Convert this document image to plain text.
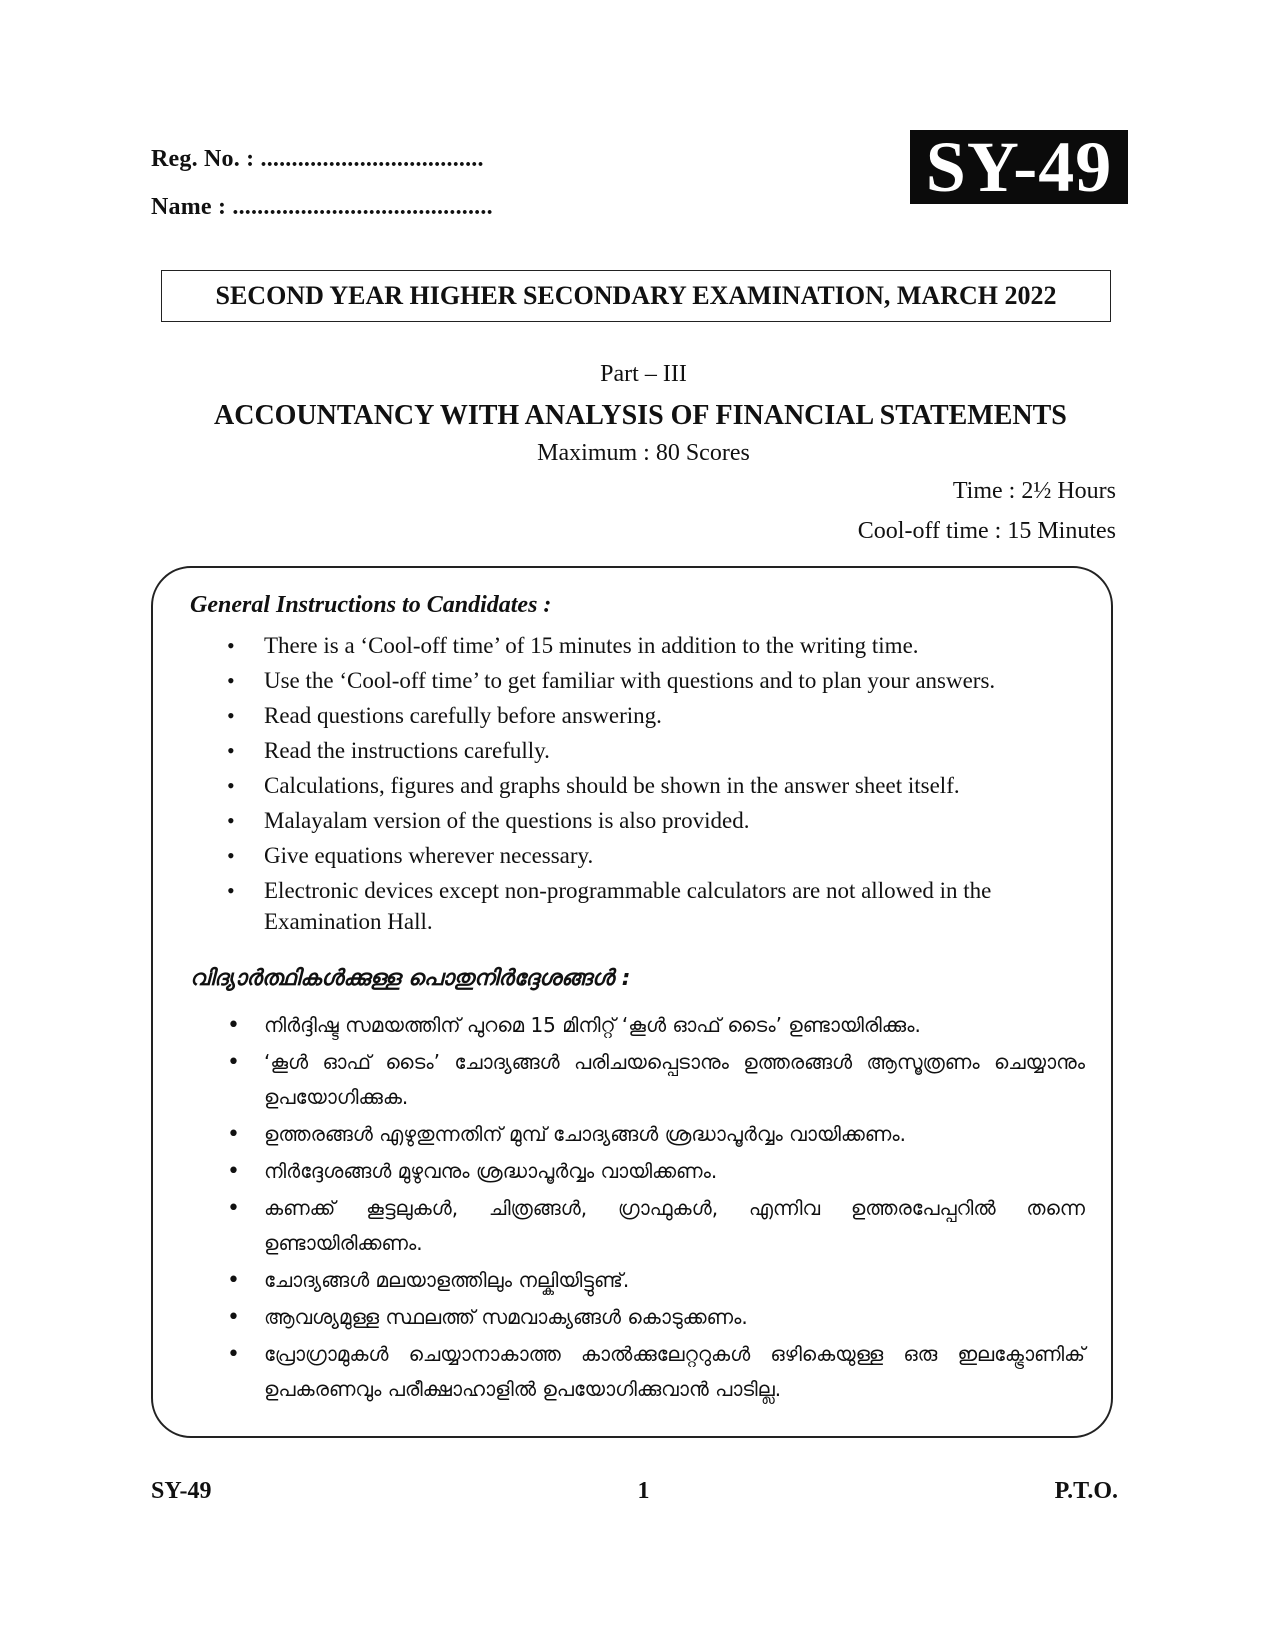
Reg. No. : ....................................
Name : ..........................................	SY-49
SECOND YEAR HIGHER SECONDARY EXAMINATION, MARCH 2022
Part – III
ACCOUNTANCY WITH ANALYSIS OF FINANCIAL STATEMENTS
Maximum : 80 Scores
Time : 2½ Hours
Cool-off time : 15 Minutes
General Instructions to Candidates :
• There is a ‘Cool-off time’ of 15 minutes in addition to the writing time.
• Use the ‘Cool-off time’ to get familiar with questions and to plan your answers.
• Read questions carefully before answering.
• Read the instructions carefully.
• Calculations, figures and graphs should be shown in the answer sheet itself.
• Malayalam version of the questions is also provided.
• Give equations wherever necessary.
• Electronic devices except non-programmable calculators are not allowed in the Examination Hall.
വിദ്യാർത്ഥികൾക്കുള്ള പൊതുനിർദ്ദേശങ്ങൾ :
• നിർദ്ദിഷ്ട സമയത്തിന് പുറമെ 15 മിനിറ്റ് ‘കൂൾ ഓഫ് ടൈം’ ഉണ്ടായിരിക്കും.
• ‘കൂൾ ഓഫ് ടൈം’ ചോദ്യങ്ങൾ പരിചയപ്പെടാനും ഉത്തരങ്ങൾ ആസൂത്രണം ചെയ്യാനും ഉപയോഗിക്കുക.
• ഉത്തരങ്ങൾ എഴുതുന്നതിന് മുമ്പ് ചോദ്യങ്ങൾ ശ്രദ്ധാപൂർവ്വം വായിക്കണം.
• നിർദ്ദേശങ്ങൾ മുഴുവനും ശ്രദ്ധാപൂർവ്വം വായിക്കണം.
• കണക്ക് കൂട്ടലുകൾ, ചിത്രങ്ങൾ, ഗ്രാഫുകൾ, എന്നിവ ഉത്തരപേപ്പറിൽ തന്നെ ഉണ്ടായിരിക്കണം.
• ചോദ്യങ്ങൾ മലയാളത്തിലും നല്കിയിട്ടുണ്ട്.
• ആവശ്യമുള്ള സ്ഥലത്ത് സമവാക്യങ്ങൾ കൊടുക്കണം.
• പ്രോഗ്രാമുകൾ ചെയ്യാനാകാത്ത കാൽക്കുലേറ്ററുകൾ ഒഴികെയുള്ള ഒരു ഇലക്ട്രോണിക് ഉപകരണവും പരീക്ഷാഹാളിൽ ഉപയോഗിക്കുവാൻ പാടില്ല.
SY-49	1	P.T.O.
